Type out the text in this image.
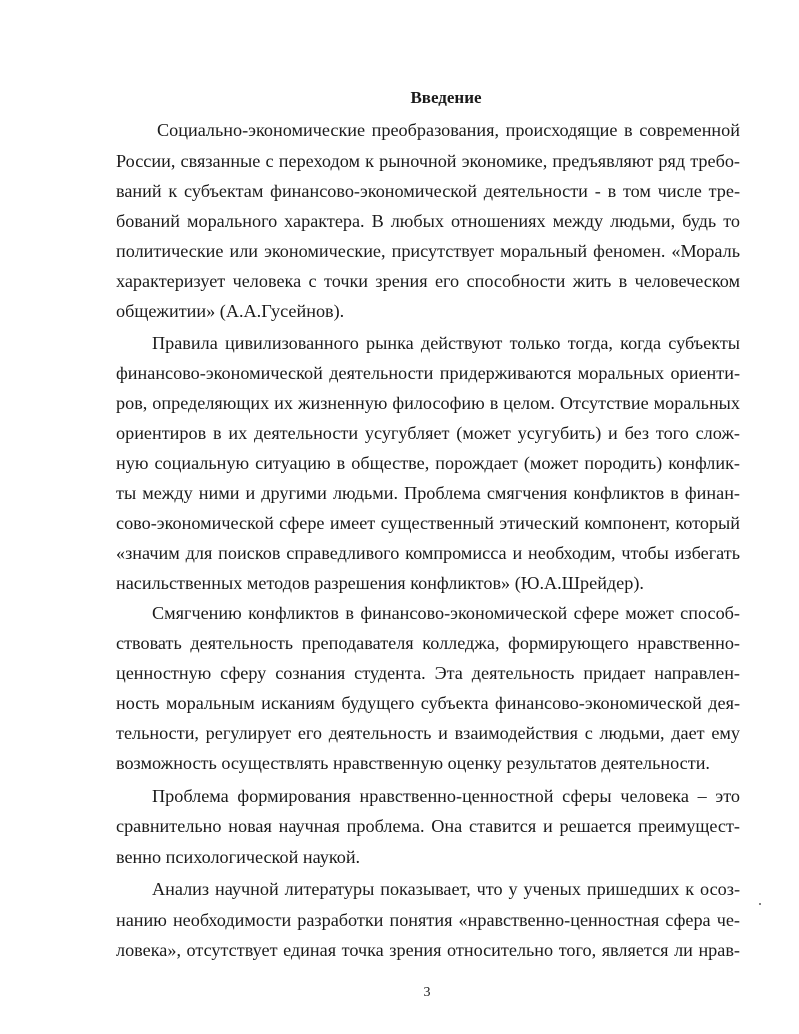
Введение
Социально-экономические преобразования, происходящие в современной
России, связанные с переходом к рыночной экономике, предъявляют ряд требо-
ваний к субъектам финансово-экономической деятельности - в том числе тре-
бований морального характера. В любых отношениях между людьми, будь то
политические или экономические, присутствует моральный феномен. «Мораль
характеризует человека с точки зрения его способности жить в человеческом
общежитии» (А.А.Гусейнов).
Правила цивилизованного рынка действуют только тогда, когда субъекты
финансово-экономической деятельности придерживаются моральных ориенти-
ров, определяющих их жизненную философию в целом. Отсутствие моральных
ориентиров в их деятельности усугубляет (может усугубить) и без того слож-
ную социальную ситуацию в обществе, порождает (может породить) конфлик-
ты между ними и другими людьми. Проблема смягчения конфликтов в финан-
сово-экономической сфере имеет существенный этический компонент, который
«значим для поисков справедливого компромисса и необходим, чтобы избегать
насильственных методов разрешения конфликтов» (Ю.А.Шрейдер).
Смягчению конфликтов в финансово-экономической сфере может способ-
ствовать деятельность преподавателя колледжа, формирующего нравственно-
ценностную сферу сознания студента. Эта деятельность придает направлен-
ность моральным исканиям будущего субъекта финансово-экономической дея-
тельности, регулирует его деятельность и взаимодействия с людьми, дает ему
возможность осуществлять нравственную оценку результатов деятельности.
Проблема формирования нравственно-ценностной сферы человека – это
сравнительно новая научная проблема. Она ставится и решается преимущест-
венно психологической наукой.
Анализ научной литературы показывает, что у ученых пришедших к осоз-
нанию необходимости разработки понятия «нравственно-ценностная сфера че-
ловека», отсутствует единая точка зрения относительно того, является ли нрав-
3
